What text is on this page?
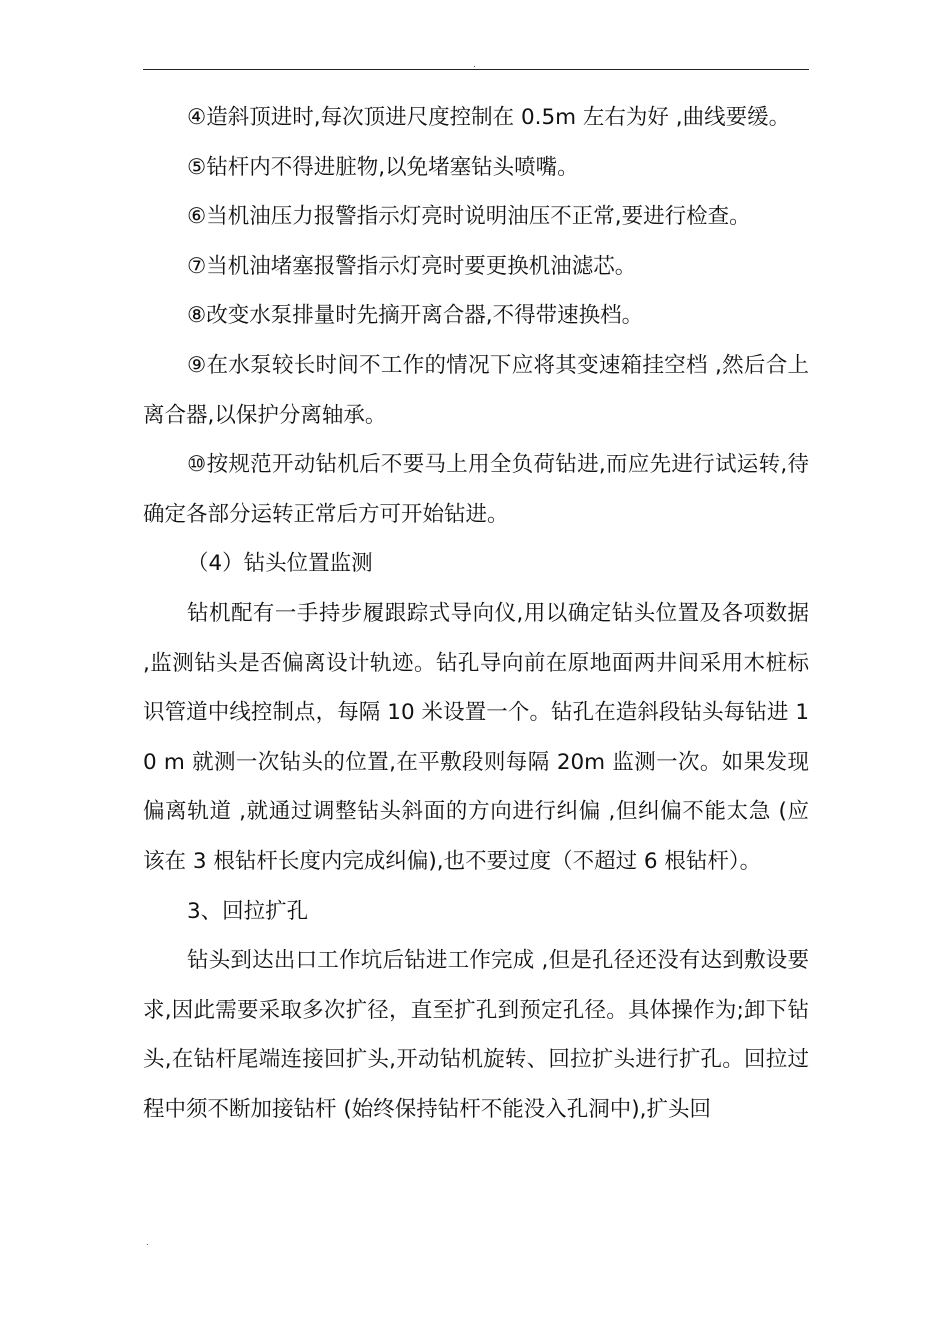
.

④造斜顶进时,每次顶进尺度控制在 0.5m 左右为好 ,曲线要缓。

⑤钻杆内不得进脏物,以免堵塞钻头喷嘴。

⑥当机油压力报警指示灯亮时说明油压不正常,要进行检查。

⑦当机油堵塞报警指示灯亮时要更换机油滤芯。

⑧改变水泵排量时先摘开离合器,不得带速换档。

⑨在水泵较长时间不工作的情况下应将其变速箱挂空档 ,然后合上离合器,以保护分离轴承。

⑩按规范开动钻机后不要马上用全负荷钻进,而应先进行试运转,待确定各部分运转正常后方可开始钻进。

（4）钻头位置监测

钻机配有一手持步履跟踪式导向仪,用以确定钻头位置及各项数据 ,监测钻头是否偏离设计轨迹。钻孔导向前在原地面两井间采用木桩标识管道中线控制点，每隔 10 米设置一个。钻孔在造斜段钻头每钻进 10 m 就测一次钻头的位置,在平敷段则每隔 20m 监测一次。如果发现偏离轨道 ,就通过调整钻头斜面的方向进行纠偏 ,但纠偏不能太急 (应该在 3 根钻杆长度内完成纠偏),也不要过度（不超过 6 根钻杆）。

3、回拉扩孔

钻头到达出口工作坑后钻进工作完成 ,但是孔径还没有达到敷设要求,因此需要采取多次扩径，直至扩孔到预定孔径。具体操作为;卸下钻头,在钻杆尾端连接回扩头,开动钻机旋转、回拉扩头进行扩孔。回拉过程中须不断加接钻杆 (始终保持钻杆不能没入孔洞中),扩头回

.
